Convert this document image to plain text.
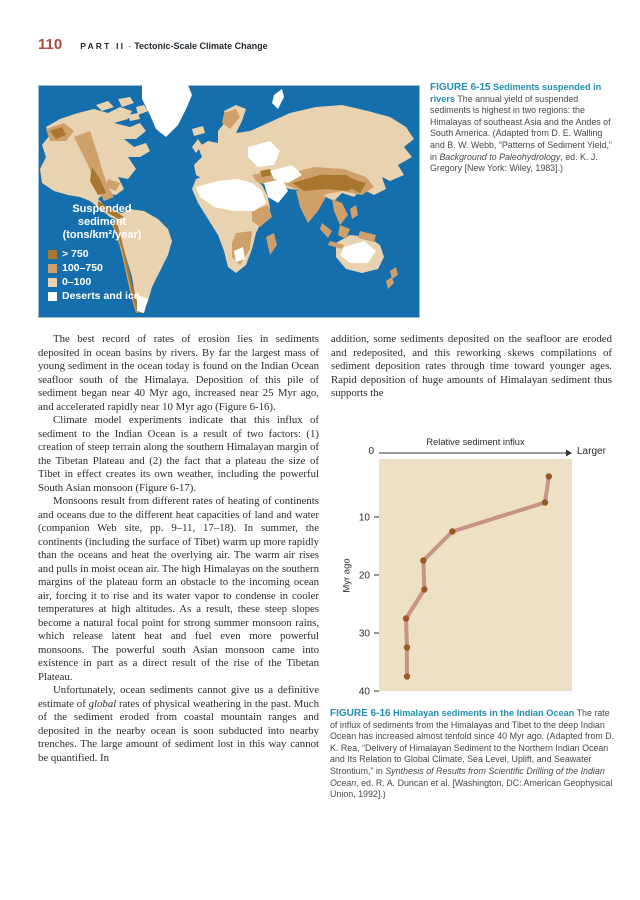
110 PART II · Tectonic-Scale Climate Change
Suspended
sediment
(tons/km²/year)
> 750
100–750
0–100
Deserts and ice
FIGURE 6-15 Sediments suspended in rivers The annual yield of suspended sediments is highest in two regions: the Himalayas of southeast Asia and the Andes of South America. (Adapted from D. E. Walling and B. W. Webb, “Patterns of Sediment Yield,” in Background to Paleohydrology, ed. K. J. Gregory [New York: Wiley, 1983].)

The best record of rates of erosion lies in sediments deposited in ocean basins by rivers. By far the largest mass of young sediment in the ocean today is found on the Indian Ocean seafloor south of the Himalaya. Deposition of this pile of sediment began near 40 Myr ago, increased near 25 Myr ago, and accelerated rapidly near 10 Myr ago (Figure 6-16).

Climate model experiments indicate that this influx of sediment to the Indian Ocean is a result of two factors: (1) creation of steep terrain along the southern Himalayan margin of the Tibetan Plateau and (2) the fact that a plateau the size of Tibet in effect creates its own weather, including the powerful South Asian monsoon (Figure 6-17).

Monsoons result from different rates of heating of continents and oceans due to the different heat capacities of land and water (companion Web site, pp. 9–11, 17–18). In summer, the continents (including the surface of Tibet) warm up more rapidly than the oceans and heat the overlying air. The warm air rises and pulls in moist ocean air. The high Himalayas on the southern margins of the plateau form an obstacle to the incoming ocean air, forcing it to rise and its water vapor to condense in cooler temperatures at high altitudes. As a result, these steep slopes become a natural focal point for strong summer monsoon rains, which release latent heat and fuel even more powerful monsoons. The powerful south Asian monsoon came into existence in part as a direct result of the rise of the Tibetan Plateau.

Unfortunately, ocean sediments cannot give us a definitive estimate of global rates of physical weathering in the past. Much of the sediment eroded from coastal mountain ranges and deposited in the nearby ocean is soon subducted into nearby trenches. The large amount of sediment lost in this way cannot be quantified. In

addition, some sediments deposited on the seafloor are eroded and redeposited, and this reworking skews compilations of sediment deposition rates through time toward younger ages. Rapid deposition of huge amounts of Himalayan sediment thus supports the

10
20
30
40
Relative sediment influx
0	Larger
Myr ago
FIGURE 6-16 Himalayan sediments in the Indian Ocean The rate of influx of sediments from the Himalayas and Tibet to the deep Indian Ocean has increased almost tenfold since 40 Myr ago. (Adapted from D. K. Rea, “Delivery of Himalayan Sediment to the Northern Indian Ocean and Its Relation to Global Climate, Sea Level, Uplift, and Seawater Strontium,” in Synthesis of Results from Scientific Drilling of the Indian Ocean, ed. R. A. Duncan et al. [Washington, DC: American Geophysical Union, 1992].)
